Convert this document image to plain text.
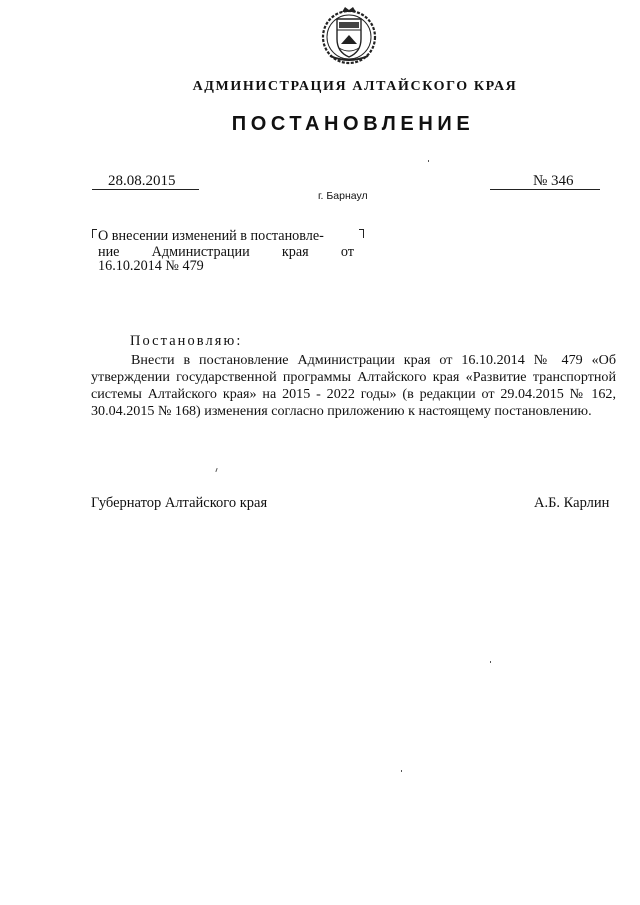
АДМИНИСТРАЦИЯ АЛТАЙСКОГО КРАЯ
ПОСТАНОВЛЕНИЕ
28.08.2015	№ 346
г. Барнаул
О внесении изменений в постановле-
ние Администрации края от
16.10.2014 № 479
Постановляю:

Внести в постановление Администрации края от 16.10.2014 № 479 «Об утверждении государственной программы Алтайского края «Развитие транспортной системы Алтайского края» на 2015 - 2022 годы» (в редакции от 29.04.2015 № 162, 30.04.2015 № 168) изменения согласно приложению к настоящему постановлению.

Губернатор Алтайского края	А.Б. Карлин
